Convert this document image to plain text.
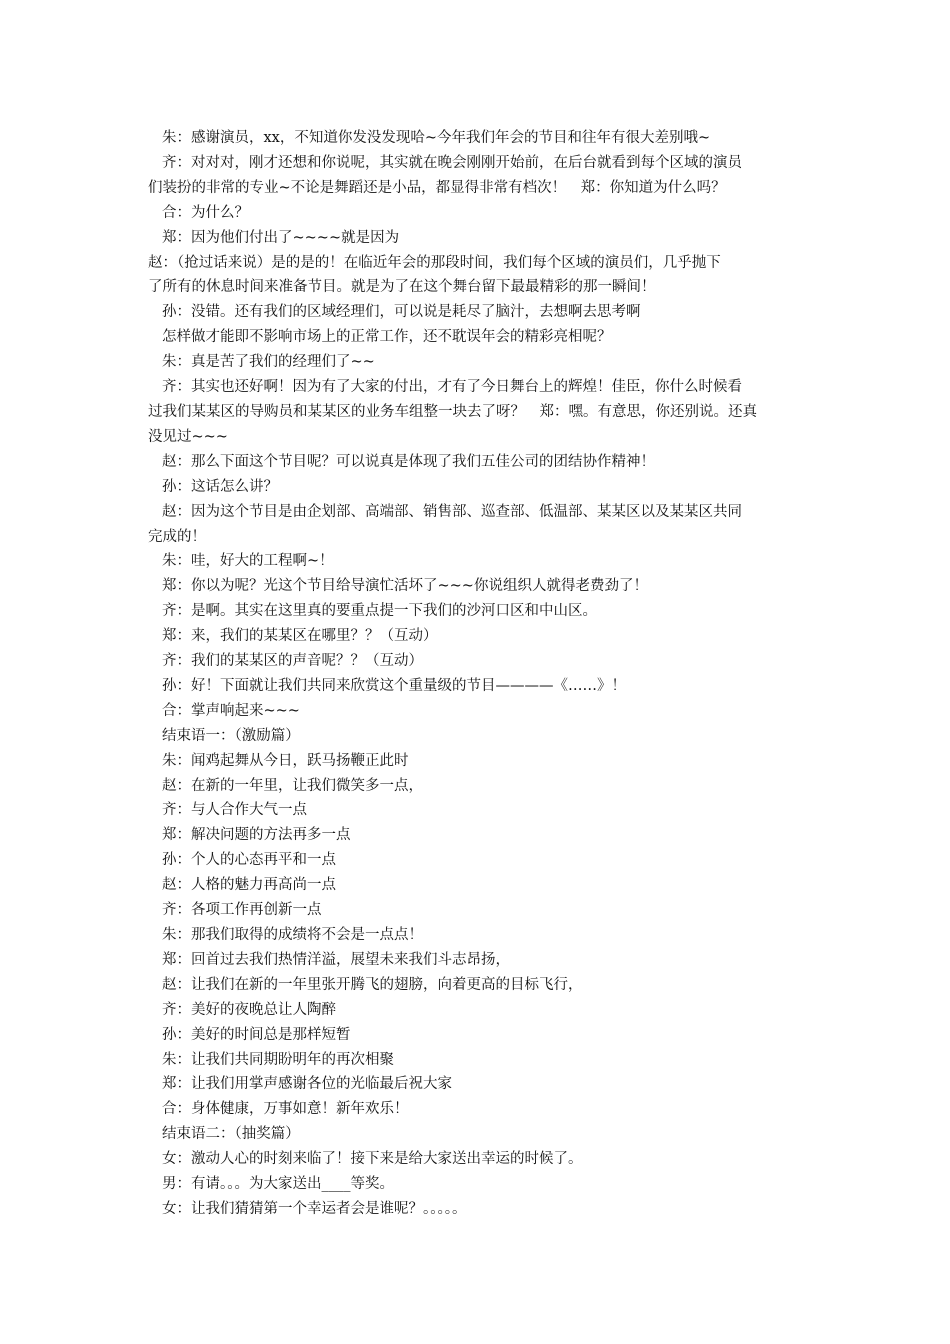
朱：感谢演员，xx，不知道你发没发现哈~今年我们年会的节目和往年有很大差别哦~

齐：对对对，刚才还想和你说呢，其实就在晚会刚刚开始前，在后台就看到每个区域的演员

们装扮的非常的专业~不论是舞蹈还是小品，都显得非常有档次！　郑：你知道为什么吗？

合：为什么？

郑：因为他们付出了~~~~就是因为

赵：（抢过话来说）是的是的！在临近年会的那段时间，我们每个区域的演员们，几乎抛下

了所有的休息时间来准备节目。就是为了在这个舞台留下最最精彩的那一瞬间！

孙：没错。还有我们的区域经理们，可以说是耗尽了脑汁，去想啊去思考啊

怎样做才能即不影响市场上的正常工作，还不耽误年会的精彩亮相呢？

朱：真是苦了我们的经理们了~~

齐：其实也还好啊！因为有了大家的付出，才有了今日舞台上的辉煌！佳臣，你什么时候看

过我们某某区的导购员和某某区的业务车组整一块去了呀？　郑：嘿。有意思，你还别说。还真

没见过~~~

赵：那么下面这个节目呢？可以说真是体现了我们五佳公司的团结协作精神！

孙：这话怎么讲？

赵：因为这个节目是由企划部、高端部、销售部、巡查部、低温部、某某区以及某某区共同

完成的！

朱：哇，好大的工程啊~！

郑：你以为呢？光这个节目给导演忙活坏了~~~你说组织人就得老费劲了！

齐：是啊。其实在这里真的要重点提一下我们的沙河口区和中山区。

郑：来，我们的某某区在哪里？？（互动）

齐：我们的某某区的声音呢？？（互动）

孙：好！下面就让我们共同来欣赏这个重量级的节目————《……》！

合：掌声响起来~~~

结束语一：（激励篇）

朱：闻鸡起舞从今日，跃马扬鞭正此时

赵：在新的一年里，让我们微笑多一点，

齐：与人合作大气一点

郑：解决问题的方法再多一点

孙：个人的心态再平和一点

赵：人格的魅力再高尚一点

齐：各项工作再创新一点

朱：那我们取得的成绩将不会是一点点！

郑：回首过去我们热情洋溢，展望未来我们斗志昂扬，

赵：让我们在新的一年里张开腾飞的翅膀，向着更高的目标飞行，

齐：美好的夜晚总让人陶醉

孙：美好的时间总是那样短暂

朱：让我们共同期盼明年的再次相聚

郑：让我们用掌声感谢各位的光临最后祝大家

合：身体健康，万事如意！新年欢乐！

结束语二：（抽奖篇）

女：激动人心的时刻来临了！接下来是给大家送出幸运的时候了。

男：有请。。。为大家送出____等奖。

女：让我们猜猜第一个幸运者会是谁呢？。。。。。
